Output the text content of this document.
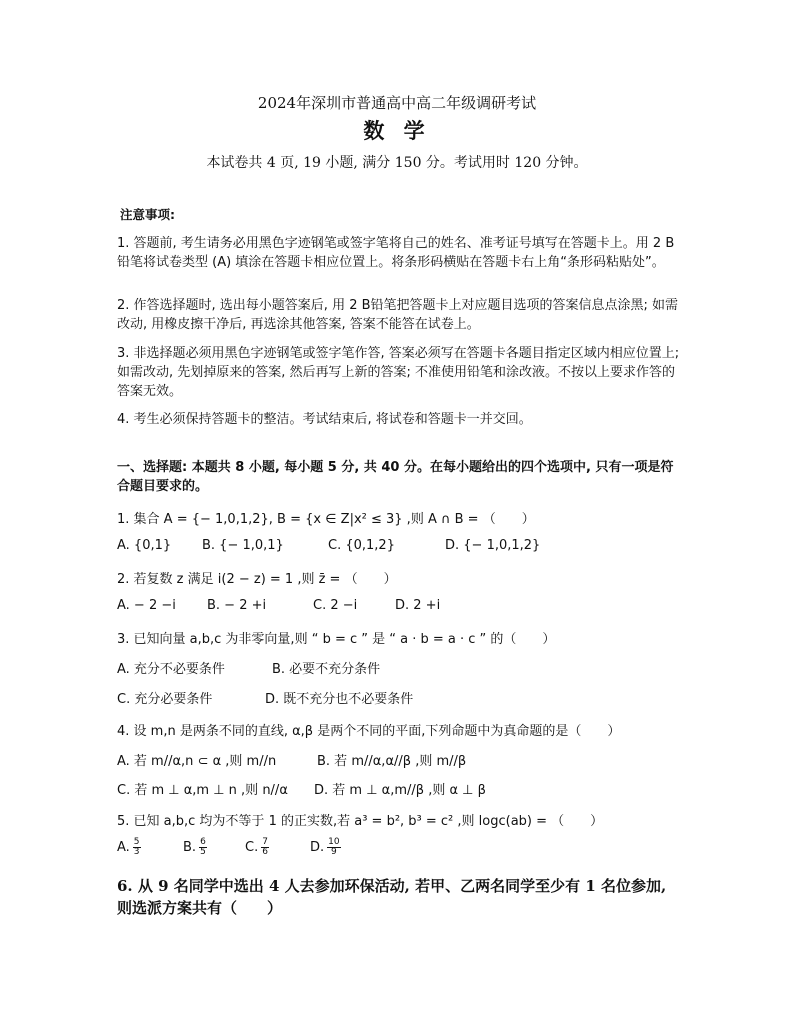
2024年深圳市普通高中高二年级调研考试
数 学
本试卷共 4 页, 19 小题, 满分 150 分。考试用时 120 分钟。
注意事项:
1. 答题前, 考生请务必用黑色字迹钢笔或签字笔将自己的姓名、准考证号填写在答题卡上。用 2 B铅笔将试卷类型 (A) 填涂在答题卡相应位置上。将条形码横贴在答题卡右上角“条形码粘贴处”。
2. 作答选择题时, 选出每小题答案后, 用 2 B铅笔把答题卡上对应题目选项的答案信息点涂黑; 如需改动, 用橡皮擦干净后, 再选涂其他答案, 答案不能答在试卷上。
3. 非选择题必须用黑色字迹钢笔或签字笔作答, 答案必须写在答题卡各题目指定区域内相应位置上; 如需改动, 先划掉原来的答案, 然后再写上新的答案; 不准使用铅笔和涂改液。不按以上要求作答的答案无效。
4. 考生必须保持答题卡的整洁。考试结束后, 将试卷和答题卡一并交回。
一、选择题: 本题共 8 小题, 每小题 5 分, 共 40 分。在每小题给出的四个选项中, 只有一项是符合题目要求的。
1. 集合 A = {− 1,0,1,2}, B = {x ∈ Z|x² ≤ 3} ,则 A ∩ B = （　　）
A. {0,1} B. {− 1,0,1}	C. {0,1,2}	D. {− 1,0,1,2}
2. 若复数 z 满足 i(2 − z) = 1 ,则 z̄ = （　　）
A. − 2 −i B. − 2 +i	C. 2 −i	D. 2 +i
3. 已知向量 a,b,c 为非零向量,则 “ b = c ” 是 “ a · b = a · c ” 的（　　）
A. 充分不必要条件	B. 必要不充分条件
C. 充分必要条件	D. 既不充分也不必要条件
4. 设 m,n 是两条不同的直线, α,β 是两个不同的平面,下列命题中为真命题的是（　　）
A. 若 m//α,n ⊂ α ,则 m//n	B. 若 m//α,α//β ,则 m//β
C. 若 m ⊥ α,m ⊥ n ,则 n//α D. 若 m ⊥ α,m//β ,则 α ⊥ β
5. 已知 a,b,c 均为不等于 1 的正实数,若 a³ = b², b³ = c² ,则 logc(ab) = （　　）
A. $\frac{5}{3}$	B. $\frac{6}{5}$	C. $\frac{7}{6}$	D. $\frac{10}{9}$
6. 从 9 名同学中选出 4 人去参加环保活动, 若甲、乙两名同学至少有 1 名位参加, 则选派方案共有（　　）
